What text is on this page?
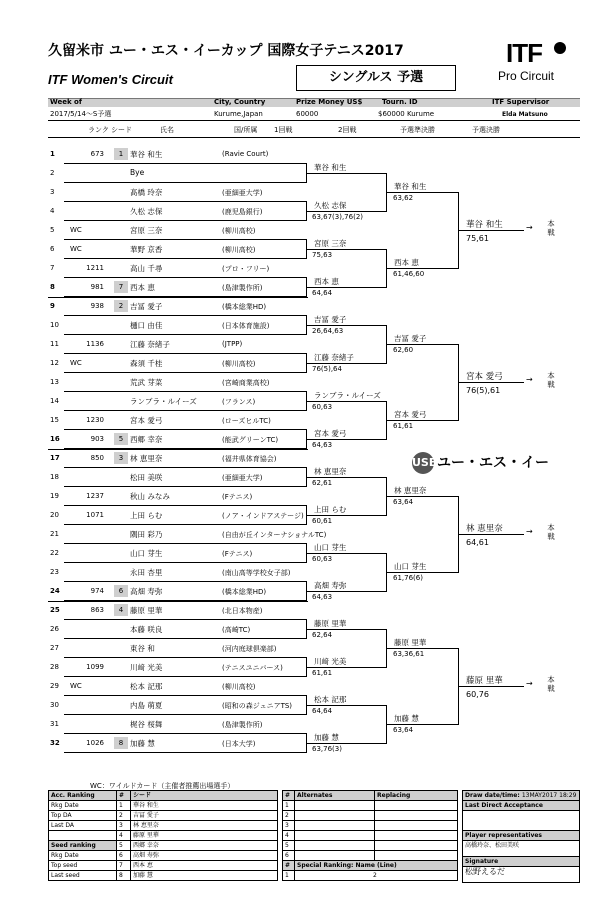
久留米市 ユー・エス・イーカップ 国際女子テニス2017
ITF Women's Circuit	シングルス 予選
ITF
Pro Circuit
Week of	City, Country	Prize Money US$	Tourn. ID	ITF Supervisor
2017/5/14～S予選	Kurume,Japan	60000	$60000 Kurume	Elda Matsuno
ランク シード	氏名	国/所属 1回戦	2回戦	予選準決勝	予選決勝
1	673	1 華谷 和生	(Ravie Court)
2	Bye
3	髙橋 玲奈	(亜細亜大学)
4	久松 志保	(鹿児島銀行)
5	WC	宮原 三奈	(柳川高校)
6	WC	華野 京香	(柳川高校)
7	1211	高山 千尋	(プロ・フリー)
8	981	7 西本 恵	(島津製作所)
9	938	2 吉冨 愛子	(橋本総業HD)
10	樋口 由佳	(日本体育施設)
11	1136	江藤 奈緒子	(JTPP)
12	WC	森須 千桂	(柳川高校)
13	荒武 芽菜	(宮崎商業高校)
14	ランブラ・ルイーズ	(フランス)
15	1230	宮本 愛弓	(ローズヒルTC)
16	903	5 西郷 幸奈	(能武グリーンTC)
17	850	3 林 恵里奈	(福井県体育協会)
18	松田 美咲	(亜細亜大学)
19	1237	秋山 みなみ	(Fテニス)
20	1071	上田 らむ	(ノア・インドアステージ)
21	隅田 彩乃	(自由が丘インターナショナルTC)
22	山口 芽生	(Fテニス)
23	永田 杏里	(南山高等学校女子部)
24	974	6 高畑 寿弥	(橋本総業HD)
25	863	4 藤原 里華	(北日本物産)
26	本藤 咲良	(高崎TC)
27	東谷 和	(河内庭球倶楽部)
28	1099	川﨑 光美	(テニスユニバース)
29	WC	松本 記那	(柳川高校)
30	内島 萌夏	(昭和の森ジュニアTS)
31	梶谷 桜舞	(島津製作所)
32	1026	8 加藤 慧	(日本大学)
華谷 和生
久松 志保
63,67(3),76(2)
宮原 三奈
75,63
西本 恵
64,64
吉冨 愛子
26,64,63
江藤 奈緒子
76(5),64
ランブラ・ルイーズ
60,63
宮本 愛弓
64,63
林 恵里奈
62,61
上田 らむ
60,61
山口 芽生
60,63
高畑 寿弥
64,63
藤原 里華
62,64
川﨑 光美
61,61
松本 記那
64,64
加藤 慧
63,76(3)
華谷 和生
63,62
西本 恵
61,46,60
吉冨 愛子
62,60
宮本 愛弓
61,61
林 恵里奈
63,64
山口 芽生
61,76(6)
藤原 里華
63,36,61
加藤 慧
63,64
華谷 和生
75,61
→	本戦
宮本 愛弓
76(5),61
→	本戦
林 恵里奈
64,61
→	本戦
藤原 里華
60,76
→	本戦
USEユー・エス・イー
WC：ワイルドカード（主催者推薦出場選手）
Acc. Ranking	#	シード
Rkg Date	1	華谷 和生
Top DA	2	吉冨 愛子
Last DA	3	林 恵里奈
	4	藤原 里華
Seed ranking	5	西郷 幸奈
Rkg Date	6	高畑 寿弥
Top seed	7	西本 恵
Last seed	8	加藤 慧
#	Alternates	Replacing
1		
2		
3		
4		
5		
6		
#	Special Ranking: Name (Line)	
1	2	
Draw date/time: 13MAY2017 18:29
Last Direct Acceptance

Player representatives
高橋玲奈、松田美咲
Signature
松野えるだ
